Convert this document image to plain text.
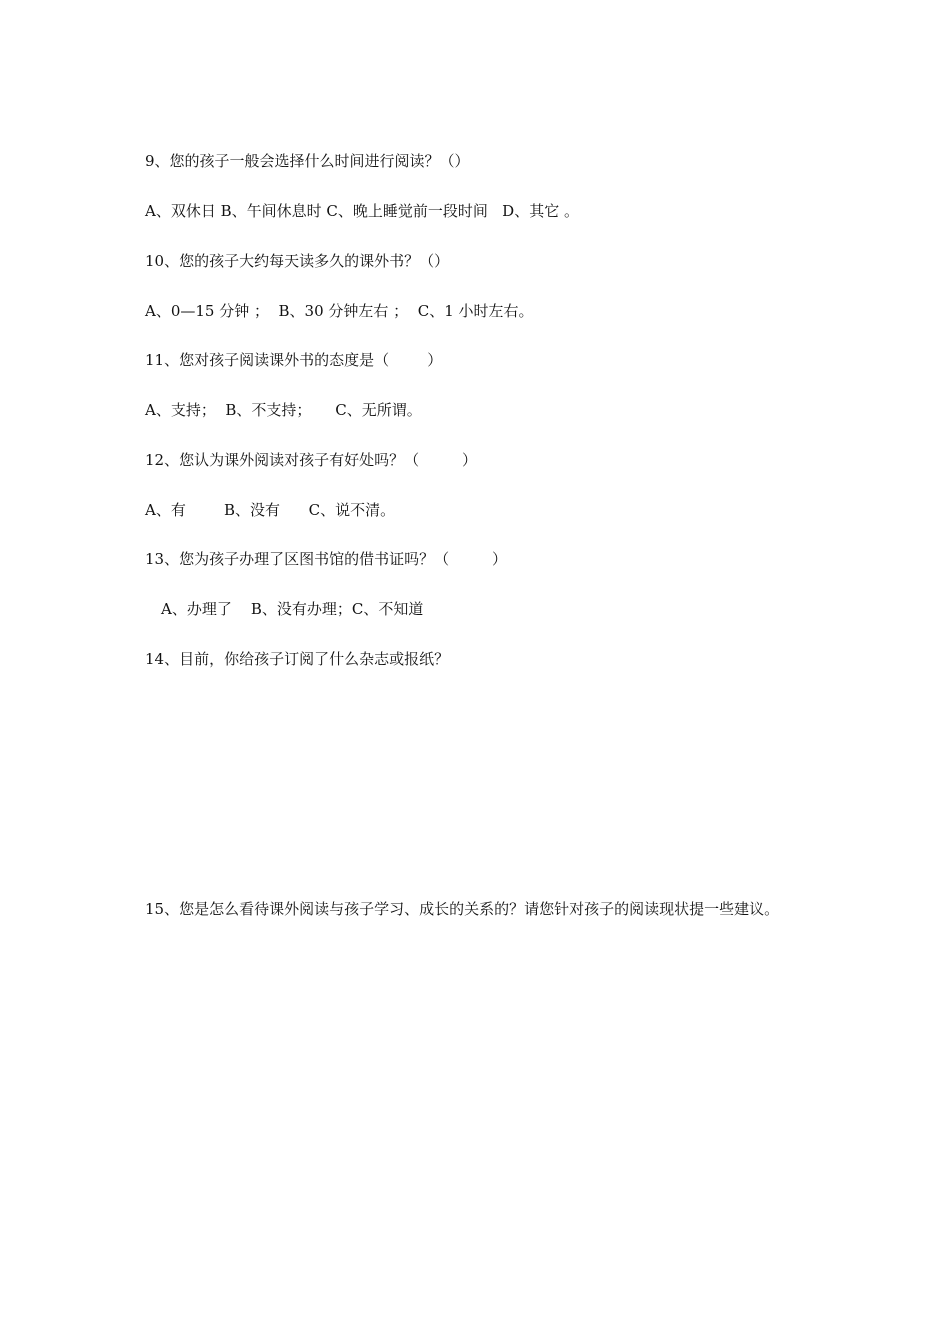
9、您的孩子一般会选择什么时间进行阅读？（）
A、双休日 B、午间休息时 C、晚上睡觉前一段时间   D、其它 。
10、您的孩子大约每天读多久的课外书？（）
A、0—15 分钟 ；  B、30 分钟左右 ；  C、1 小时左右。
11、您对孩子阅读课外书的态度是（        ）
A、支持；  B、不支持；     C、无所谓。
12、您认为课外阅读对孩子有好处吗？（         ）
A、有        B、没有      C、说不清。
13、您为孩子办理了区图书馆的借书证吗？（         ）
A、办理了    B、没有办理；C、不知道
14、目前，你给孩子订阅了什么杂志或报纸？
15、您是怎么看待课外阅读与孩子学习、成长的关系的？请您针对孩子的阅读现状提一些建议。
